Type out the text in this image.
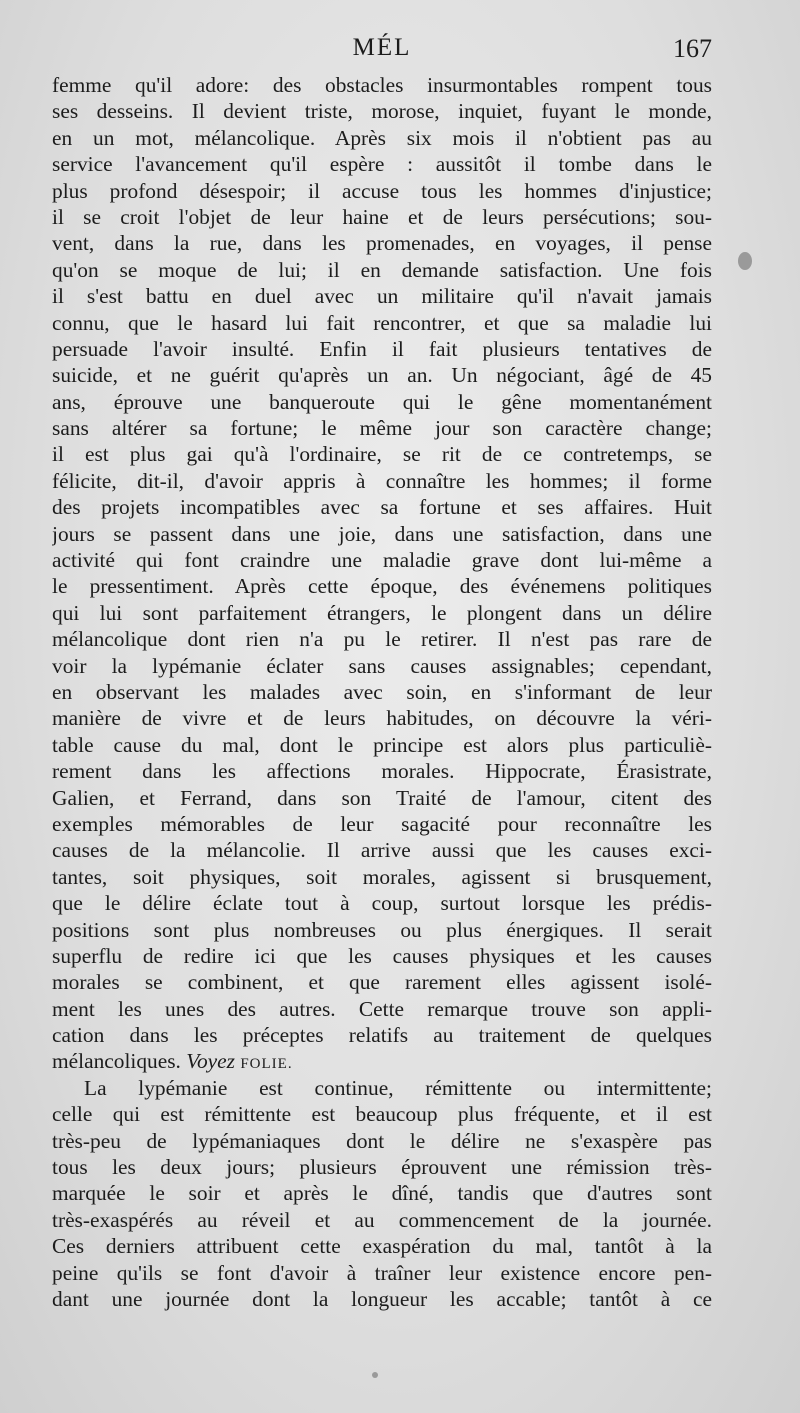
MÉL	167
femme qu'il adore: des obstacles insurmontables rompent tous
ses desseins. Il devient triste, morose, inquiet, fuyant le monde,
en un mot, mélancolique. Après six mois il n'obtient pas au
service l'avancement qu'il espère : aussitôt il tombe dans le
plus profond désespoir; il accuse tous les hommes d'injustice;
il se croit l'objet de leur haine et de leurs persécutions; sou-
vent, dans la rue, dans les promenades, en voyages, il pense
qu'on se moque de lui; il en demande satisfaction. Une fois
il s'est battu en duel avec un militaire qu'il n'avait jamais
connu, que le hasard lui fait rencontrer, et que sa maladie lui
persuade l'avoir insulté. Enfin il fait plusieurs tentatives de
suicide, et ne guérit qu'après un an. Un négociant, âgé de 45
ans, éprouve une banqueroute qui le gêne momentanément
sans altérer sa fortune; le même jour son caractère change;
il est plus gai qu'à l'ordinaire, se rit de ce contretemps, se
félicite, dit-il, d'avoir appris à connaître les hommes; il forme
des projets incompatibles avec sa fortune et ses affaires. Huit
jours se passent dans une joie, dans une satisfaction, dans une
activité qui font craindre une maladie grave dont lui-même a
le pressentiment. Après cette époque, des événemens politiques
qui lui sont parfaitement étrangers, le plongent dans un délire
mélancolique dont rien n'a pu le retirer. Il n'est pas rare de
voir la lypémanie éclater sans causes assignables; cependant,
en observant les malades avec soin, en s'informant de leur
manière de vivre et de leurs habitudes, on découvre la véri-
table cause du mal, dont le principe est alors plus particuliè-
rement dans les affections morales. Hippocrate, Érasistrate,
Galien, et Ferrand, dans son Traité de l'amour, citent des
exemples mémorables de leur sagacité pour reconnaître les
causes de la mélancolie. Il arrive aussi que les causes exci-
tantes, soit physiques, soit morales, agissent si brusquement,
que le délire éclate tout à coup, surtout lorsque les prédis-
positions sont plus nombreuses ou plus énergiques. Il serait
superflu de redire ici que les causes physiques et les causes
morales se combinent, et que rarement elles agissent isolé-
ment les unes des autres. Cette remarque trouve son appli-
cation dans les préceptes relatifs au traitement de quelques
mélancoliques. Voyez FOLIE.
La lypémanie est continue, rémittente ou intermittente;
celle qui est rémittente est beaucoup plus fréquente, et il est
très-peu de lypémaniaques dont le délire ne s'exaspère pas
tous les deux jours; plusieurs éprouvent une rémission très-
marquée le soir et après le dîné, tandis que d'autres sont
très-exaspérés au réveil et au commencement de la journée.
Ces derniers attribuent cette exaspération du mal, tantôt à la
peine qu'ils se font d'avoir à traîner leur existence encore pen-
dant une journée dont la longueur les accable; tantôt à ce
